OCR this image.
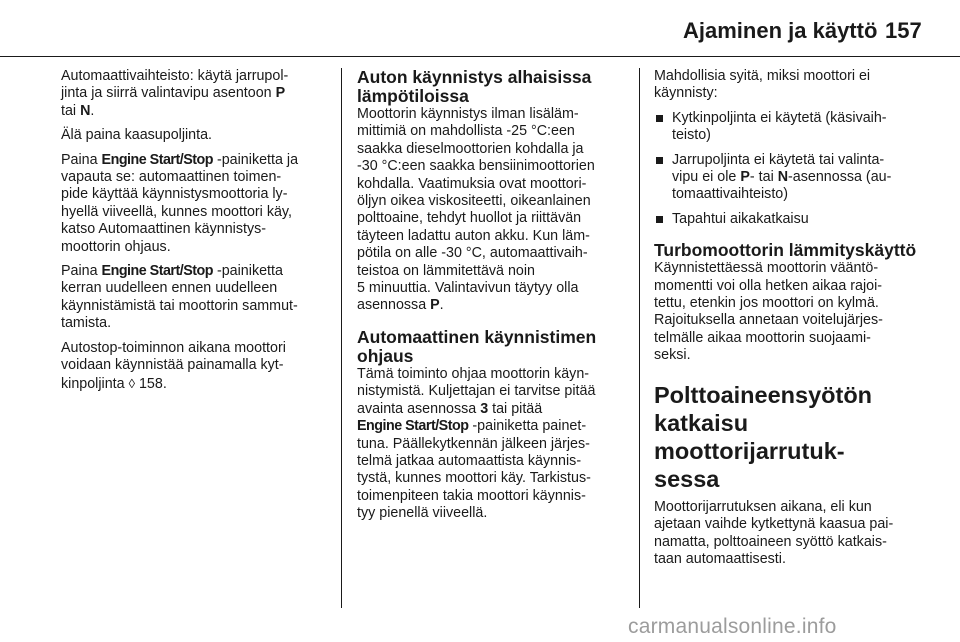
Ajaminen ja käyttö 157

Automaattivaihteisto: käytä jarrupol-
jinta ja siirrä valintavipu asentoon P
tai N.

Älä paina kaasupoljinta.

Paina Engine Start/Stop -painiketta ja
vapauta se: automaattinen toimen-
pide käyttää käynnistysmoottoria ly-
hyellä viiveellä, kunnes moottori käy,
katso Automaattinen käynnistys-
moottorin ohjaus.

Paina Engine Start/Stop -painiketta
kerran uudelleen ennen uudelleen
käynnistämistä tai moottorin sammut-
tamista.

Autostop-toiminnon aikana moottori
voidaan käynnistää painamalla kyt-
kinpoljinta ◊ 158.

Auton käynnistys alhaisissa
lämpötiloissa

Moottorin käynnistys ilman lisäläm-
mittimiä on mahdollista -25 °C:een
saakka dieselmoottorien kohdalla ja
-30 °C:een saakka bensiinimoottorien
kohdalla. Vaatimuksia ovat moottori-
öljyn oikea viskositeetti, oikeanlainen
polttoaine, tehdyt huollot ja riittävän
täyteen ladattu auton akku. Kun läm-
pötila on alle -30 °C, automaattivaih-
teistoa on lämmitettävä noin
5 minuuttia. Valintavivun täytyy olla
asennossa P.

Automaattinen käynnistimen
ohjaus

Tämä toiminto ohjaa moottorin käyn-
nistymistä. Kuljettajan ei tarvitse pitää
avainta asennossa 3 tai pitää
Engine Start/Stop -painiketta painet-
tuna. Päällekytkennän jälkeen järjes-
telmä jatkaa automaattista käynnis-
tystä, kunnes moottori käy. Tarkistus-
toimenpiteen takia moottori käynnis-
tyy pienellä viiveellä.

Mahdollisia syitä, miksi moottori ei
käynnisty:

Kytkinpoljinta ei käytetä (käsivaih-
teisto)
Jarrupoljinta ei käytetä tai valinta-
vipu ei ole P- tai N-asennossa (au-
tomaattivaihteisto)
Tapahtui aikakatkaisu
Turbomoottorin lämmityskäyttö

Käynnistettäessä moottorin vääntö-
momentti voi olla hetken aikaa rajoi-
tettu, etenkin jos moottori on kylmä.
Rajoituksella annetaan voitelujärjes-
telmälle aikaa moottorin suojaami-
seksi.

Polttoaineensyötön
katkaisu moottorijarrutuk-
sessa

Moottorijarrutuksen aikana, eli kun
ajetaan vaihde kytkettynä kaasua pai-
namatta, polttoaineen syöttö katkais-
taan automaattisesti.

carmanualsonline.info
